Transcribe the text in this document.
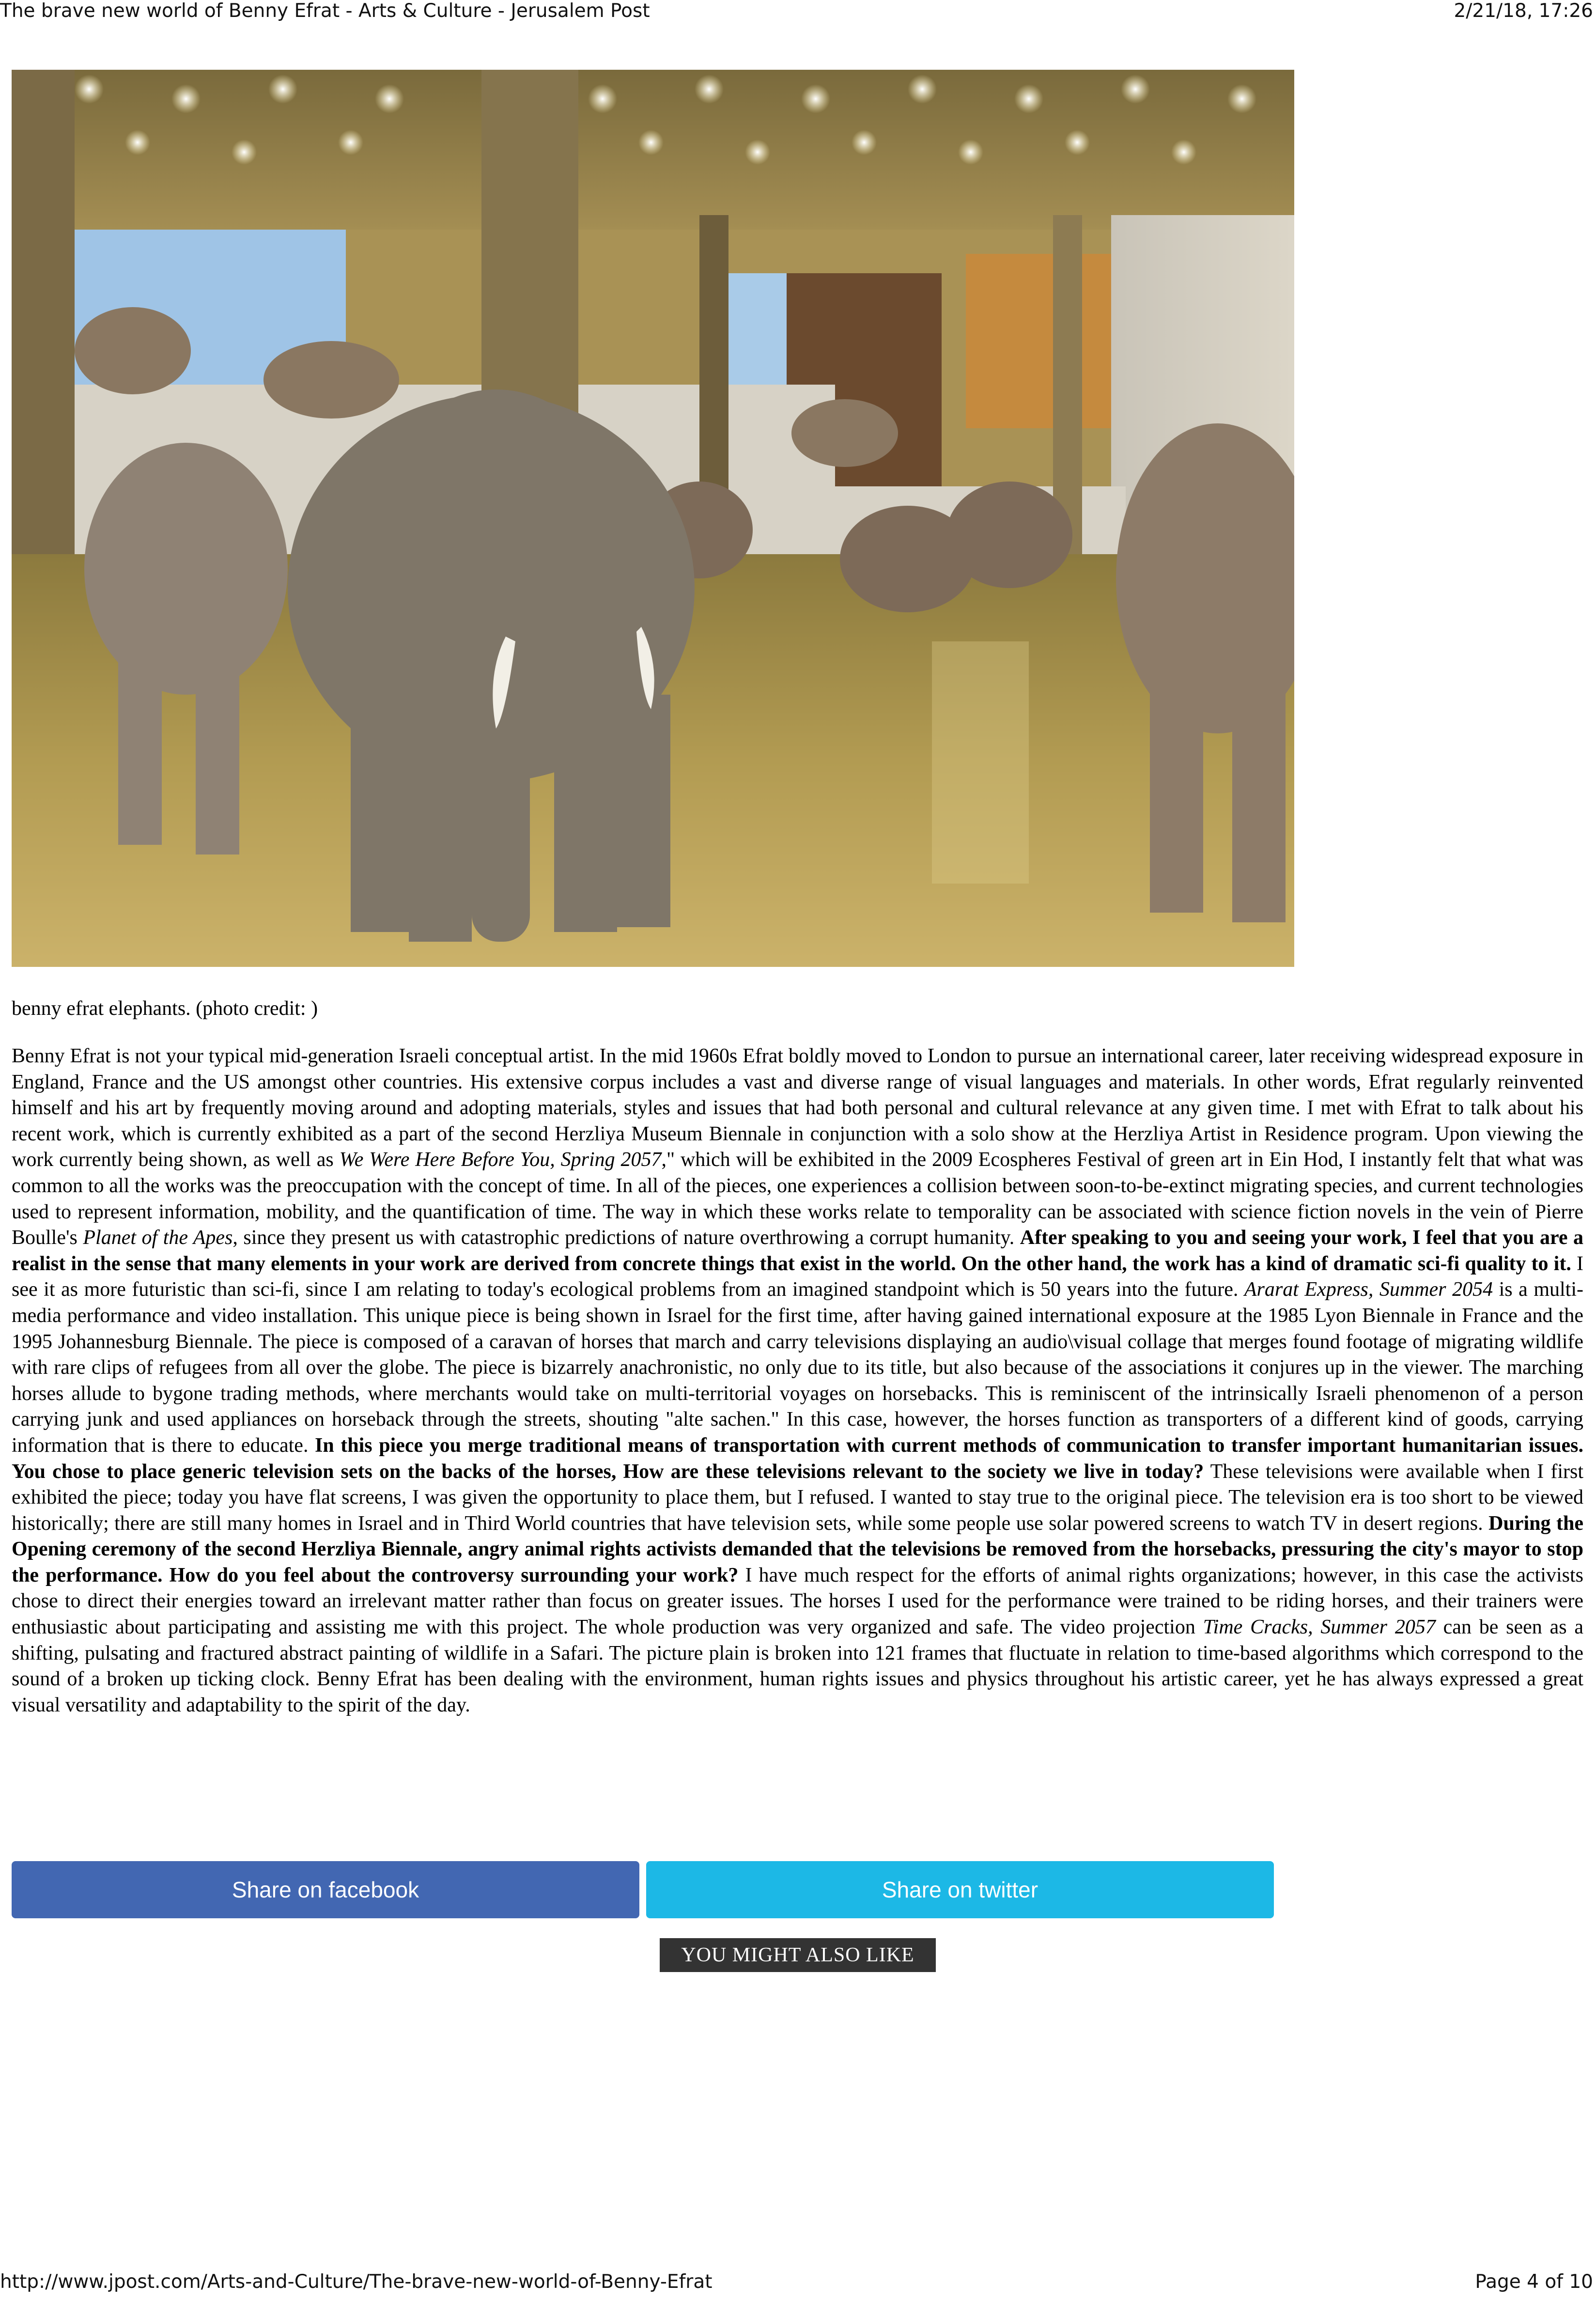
The brave new world of Benny Efrat - Arts & Culture - Jerusalem Post	2/21/18, 17:26
benny efrat elephants. (photo credit: )
Benny Efrat is not your typical mid-generation Israeli conceptual artist. In the mid 1960s Efrat boldly moved to London to pursue an international career, later receiving widespread exposure in England, France and the US amongst other countries. His extensive corpus includes a vast and diverse range of visual languages and materials. In other words, Efrat regularly reinvented himself and his art by frequently moving around and adopting materials, styles and issues that had both personal and cultural relevance at any given time. I met with Efrat to talk about his recent work, which is currently exhibited as a part of the second Herzliya Museum Biennale in conjunction with a solo show at the Herzliya Artist in Residence program. Upon viewing the work currently being shown, as well as We Were Here Before You, Spring 2057," which will be exhibited in the 2009 Ecospheres Festival of green art in Ein Hod, I instantly felt that what was common to all the works was the preoccupation with the concept of time. In all of the pieces, one experiences a collision between soon-to-be-extinct migrating species, and current technologies used to represent information, mobility, and the quantification of time. The way in which these works relate to temporality can be associated with science fiction novels in the vein of Pierre Boulle's Planet of the Apes, since they present us with catastrophic predictions of nature overthrowing a corrupt humanity. After speaking to you and seeing your work, I feel that you are a realist in the sense that many elements in your work are derived from concrete things that exist in the world. On the other hand, the work has a kind of dramatic sci-fi quality to it. I see it as more futuristic than sci-fi, since I am relating to today's ecological problems from an imagined standpoint which is 50 years into the future. Ararat Express, Summer 2054 is a multi-media performance and video installation. This unique piece is being shown in Israel for the first time, after having gained international exposure at the 1985 Lyon Biennale in France and the 1995 Johannesburg Biennale. The piece is composed of a caravan of horses that march and carry televisions displaying an audio\visual collage that merges found footage of migrating wildlife with rare clips of refugees from all over the globe. The piece is bizarrely anachronistic, no only due to its title, but also because of the associations it conjures up in the viewer. The marching horses allude to bygone trading methods, where merchants would take on multi-territorial voyages on horsebacks. This is reminiscent of the intrinsically Israeli phenomenon of a person carrying junk and used appliances on horseback through the streets, shouting "alte sachen." In this case, however, the horses function as transporters of a different kind of goods, carrying information that is there to educate. In this piece you merge traditional means of transportation with current methods of communication to transfer important humanitarian issues. You chose to place generic television sets on the backs of the horses, How are these televisions relevant to the society we live in today? These televisions were available when I first exhibited the piece; today you have flat screens, I was given the opportunity to place them, but I refused. I wanted to stay true to the original piece. The television era is too short to be viewed historically; there are still many homes in Israel and in Third World countries that have television sets, while some people use solar powered screens to watch TV in desert regions. During the Opening ceremony of the second Herzliya Biennale, angry animal rights activists demanded that the televisions be removed from the horsebacks, pressuring the city's mayor to stop the performance. How do you feel about the controversy surrounding your work? I have much respect for the efforts of animal rights organizations; however, in this case the activists chose to direct their energies toward an irrelevant matter rather than focus on greater issues. The horses I used for the performance were trained to be riding horses, and their trainers were enthusiastic about participating and assisting me with this project. The whole production was very organized and safe. The video projection Time Cracks, Summer 2057 can be seen as a shifting, pulsating and fractured abstract painting of wildlife in a Safari. The picture plain is broken into 121 frames that fluctuate in relation to time-based algorithms which correspond to the sound of a broken up ticking clock. Benny Efrat has been dealing with the environment, human rights issues and physics throughout his artistic career, yet he has always expressed a great visual versatility and adaptability to the spirit of the day.
Share on facebook	Share on twitter
YOU MIGHT ALSO LIKE
http://www.jpost.com/Arts-and-Culture/The-brave-new-world-of-Benny-Efrat	Page 4 of 10
